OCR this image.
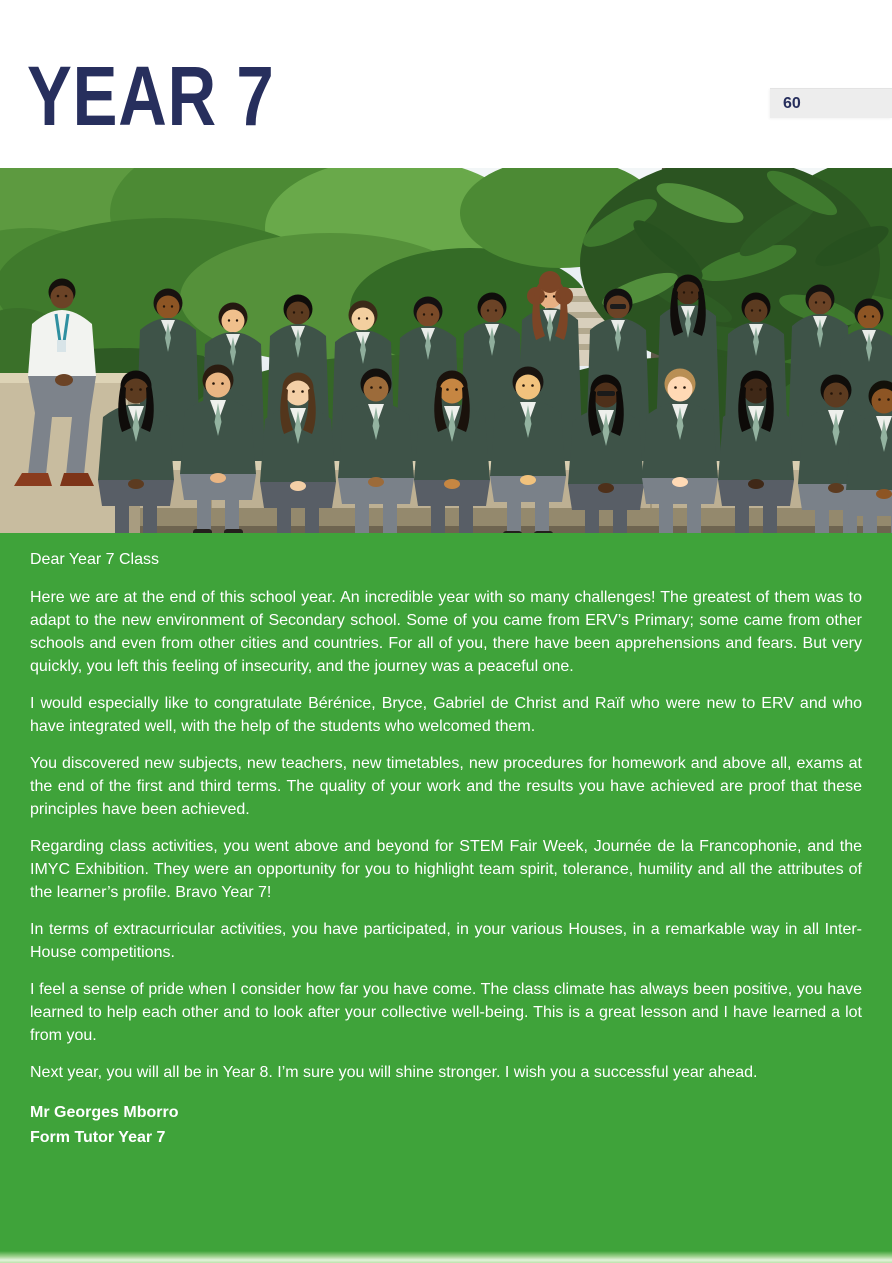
YEAR 7	60

Dear Year 7 Class

Here we are at the end of this school year. An incredible year with so many challenges! The greatest of them was to adapt to the new environment of Secondary school. Some of you came from ERV’s Primary; some came from other schools and even from other cities and countries. For all of you, there have been apprehensions and fears. But very quickly, you left this feeling of insecurity, and the journey was a peaceful one.

I would especially like to congratulate Bérénice, Bryce, Gabriel de Christ and Raïf who were new to ERV and who have integrated well, with the help of the students who welcomed them.

You discovered new subjects, new teachers, new timetables, new procedures for homework and above all, exams at the end of the first and third terms. The quality of your work and the results you have achieved are proof that these principles have been achieved.

Regarding class activities, you went above and beyond for STEM Fair Week, Journée de la Francophonie, and the IMYC Exhibition. They were an opportunity for you to highlight team spirit, tolerance, humility and all the attributes of the learner’s profile. Bravo Year 7!

In terms of extracurricular activities, you have participated, in your various Houses, in a remarkable way in all Inter-House competitions.

I feel a sense of pride when I consider how far you have come. The class climate has always been positive, you have learned to help each other and to look after your collective well-being. This is a great lesson and I have learned a lot from you.

Next year, you will all be in Year 8. I’m sure you will shine stronger. I wish you a successful year ahead.

Mr Georges Mborro

Form Tutor Year 7
